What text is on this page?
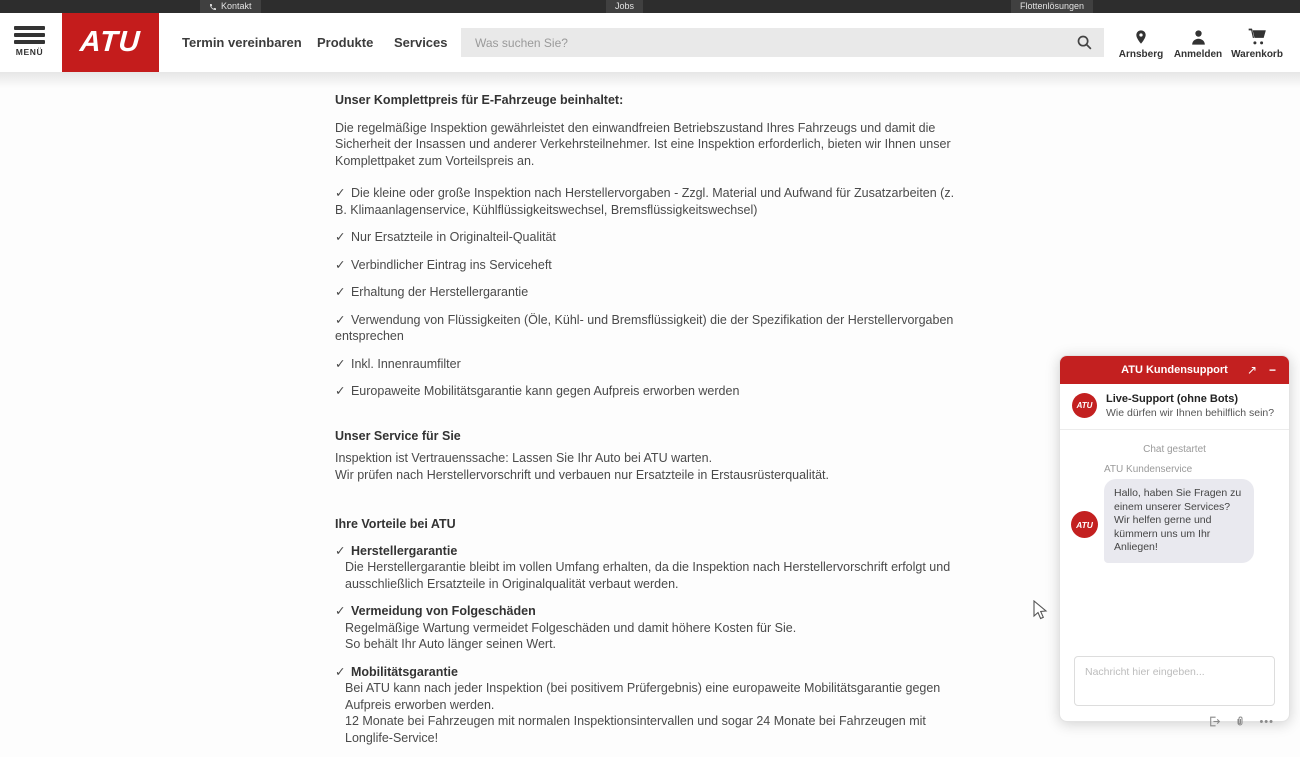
Kontakt	Jobs	Flottenlösungen
MENÜ ATU	Termin vereinbaren Produkte Services
Was suchen Sie?
Arnsberg	Anmelden Warenkorb
Unser Komplettpreis für E-Fahrzeuge beinhaltet:
Die regelmäßige Inspektion gewährleistet den einwandfreien Betriebszustand Ihres Fahrzeugs und damit die Sicherheit der Insassen und anderer Verkehrsteilnehmer. Ist eine Inspektion erforderlich, bieten wir Ihnen unser Komplettpaket zum Vorteilspreis an.
✓ Die kleine oder große Inspektion nach Herstellervorgaben - Zzgl. Material und Aufwand für Zusatzarbeiten (z. B. Klimaanlagenservice, Kühlflüssigkeitswechsel, Bremsflüssigkeitswechsel)
✓ Nur Ersatzteile in Originalteil-Qualität
✓ Verbindlicher Eintrag ins Serviceheft
✓ Erhaltung der Herstellergarantie
✓ Verwendung von Flüssigkeiten (Öle, Kühl- und Bremsflüssigkeit) die der Spezifikation der Herstellervorgaben entsprechen
✓ Inkl. Innenraumfilter
✓ Europaweite Mobilitätsgarantie kann gegen Aufpreis erworben werden
Unser Service für Sie
Inspektion ist Vertrauenssache: Lassen Sie Ihr Auto bei ATU warten.
Wir prüfen nach Herstellervorschrift und verbauen nur Ersatzteile in Erstausrüsterqualität.
Ihre Vorteile bei ATU
✓ Herstellergarantie
Die Herstellergarantie bleibt im vollen Umfang erhalten, da die Inspektion nach Herstellervorschrift erfolgt und ausschließlich Ersatzteile in Originalqualität verbaut werden.
✓ Vermeidung von Folgeschäden
Regelmäßige Wartung vermeidet Folgeschäden und damit höhere Kosten für Sie.
So behält Ihr Auto länger seinen Wert.
✓ Mobilitätsgarantie
Bei ATU kann nach jeder Inspektion (bei positivem Prüfergebnis) eine europaweite Mobilitätsgarantie gegen Aufpreis erworben werden.
12 Monate bei Fahrzeugen mit normalen Inspektionsintervallen und sogar 24 Monate bei Fahrzeugen mit Longlife-Service!
ATU Kundensupport ↗ −
ATU
Live-Support (ohne Bots)
Wie dürfen wir Ihnen behilflich sein?
Chat gestartet
ATU Kundenservice
ATU
Hallo, haben Sie Fragen zu einem unserer Services? Wir helfen gerne und kümmern uns um Ihr Anliegen!
Nachricht hier eingeben...
•••
